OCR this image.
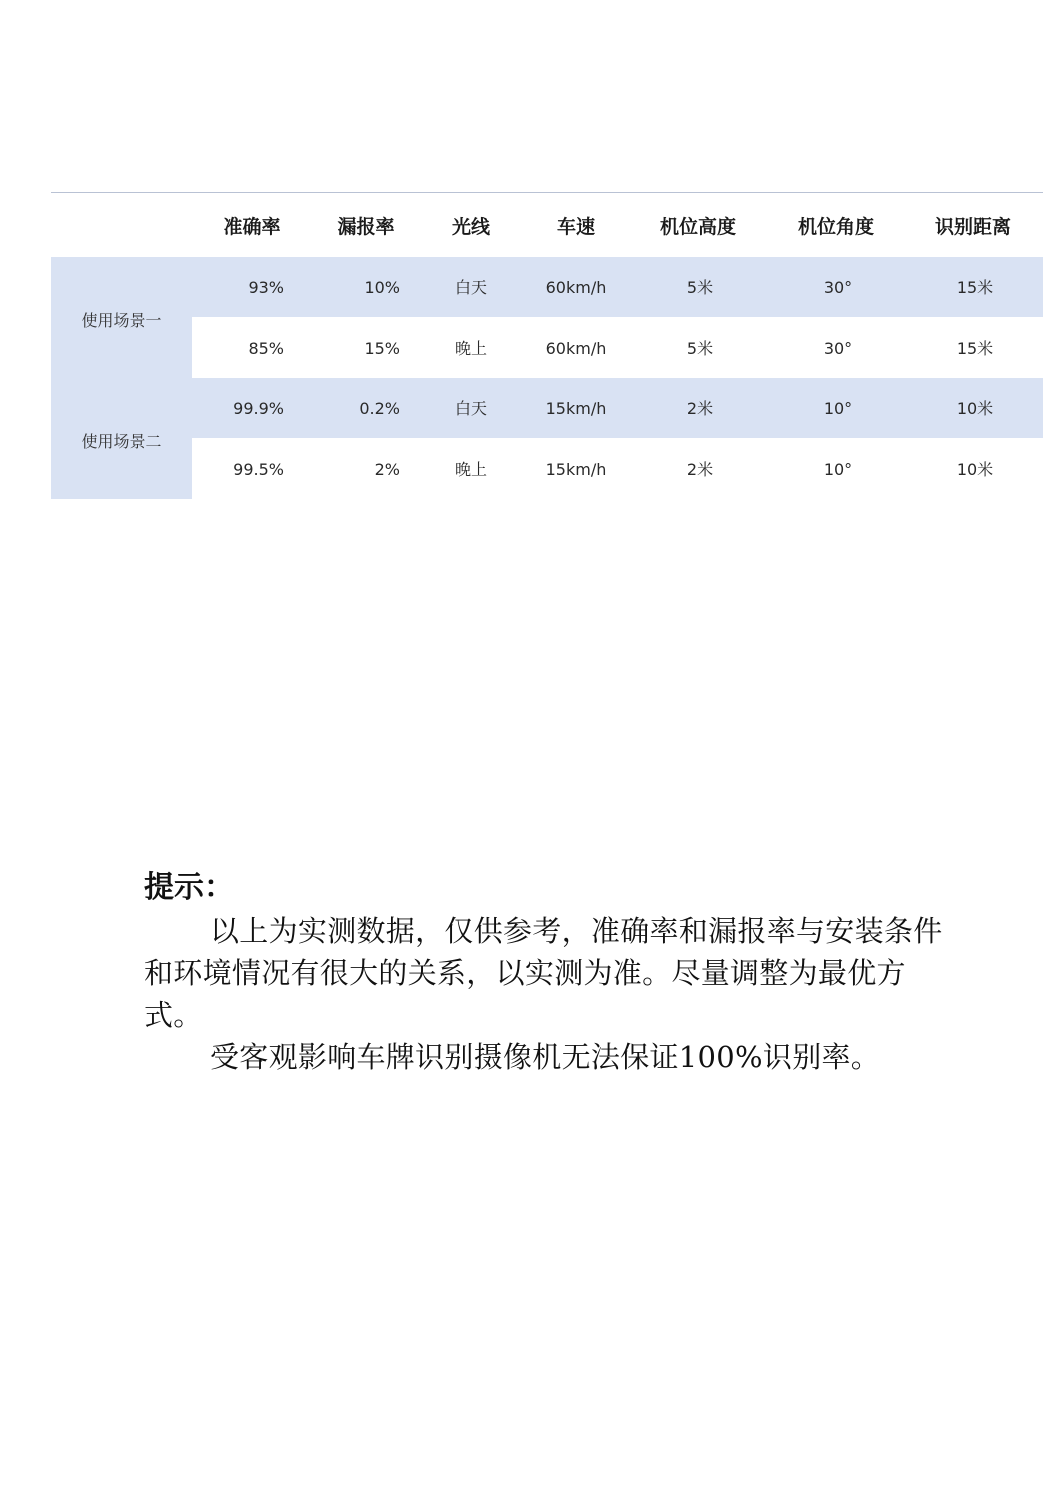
准确率	漏报率	光线	车速	机位高度	机位角度	识别距离
使用场景一
93%	10%	白天	60km/h	5米	30°	15米
85%	15%	晚上	60km/h	5米	30°	15米
使用场景二
99.9%	0.2%	白天	15km/h	2米	10°	10米
99.5%	2%	晚上	15km/h	2米	10°	10米
提示：

以上为实测数据，仅供参考，准确率和漏报率与安装条件和环境情况有很大的关系，以实测为准。尽量调整为最优方式。

受客观影响车牌识别摄像机无法保证100%识别率。
